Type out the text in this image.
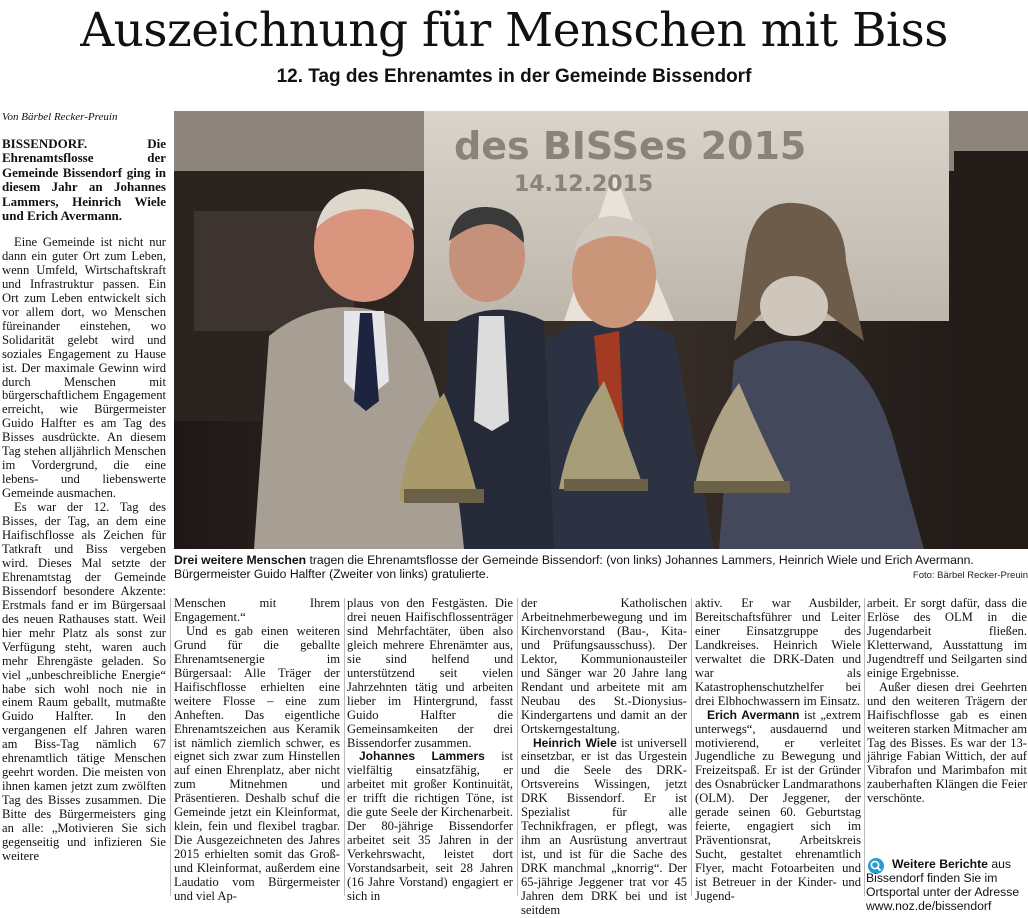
Auszeichnung für Menschen mit Biss
12. Tag des Ehrenamtes in der Gemeinde Bissendorf
Von Bärbel Recker-Preuin
BISSENDORF. Die Ehrenamtsflosse der Gemeinde Bissendorf ging in diesem Jahr an Johannes Lammers, Heinrich Wiele und Erich Avermann.
des BISSes 2015
14.12.2015
Drei weitere Menschen tragen die Ehrenamtsflosse der Gemeinde Bissendorf: (von links) Johannes Lammers, Heinrich Wiele und Erich Avermann. Bürgermeister Guido Halfter (Zweiter von links) gratulierte.	Foto: Bärbel Recker-Preuin

Eine Gemeinde ist nicht nur dann ein guter Ort zum Leben, wenn Umfeld, Wirtschaftskraft und Infrastruktur passen. Ein Ort zum Leben entwickelt sich vor allem dort, wo Menschen füreinander einstehen, wo Solidarität gelebt wird und soziales Engagement zu Hause ist. Der maximale Gewinn wird durch Menschen mit bürgerschaftlichem Engagement erreicht, wie Bürgermeister Guido Halfter es am Tag des Bisses ausdrückte. An diesem Tag stehen alljährlich Menschen im Vordergrund, die eine lebens- und liebenswerte Gemeinde ausmachen.

Es war der 12. Tag des Bisses, der Tag, an dem eine Haifischflosse als Zeichen für Tatkraft und Biss vergeben wird. Dieses Mal setzte der Ehrenamtstag der Gemeinde Bissendorf besondere Akzente: Erstmals fand er im Bürgersaal des neuen Rathauses statt. Weil hier mehr Platz als sonst zur Verfügung steht, waren auch mehr Ehrengäste geladen. So viel „unbeschreibliche Energie“ habe sich wohl noch nie in einem Raum geballt, mutmaßte Guido Halfter. In den vergangenen elf Jahren waren am Biss-Tag nämlich 67 ehrenamtlich tätige Menschen geehrt worden. Die meisten von ihnen kamen jetzt zum zwölften Tag des Bisses zusammen. Die Bitte des Bürgermeisters ging an alle: „Motivieren Sie sich gegenseitig und infizieren Sie weitere

Menschen mit Ihrem Engagement.“

Und es gab einen weiteren Grund für die geballte Ehrenamtsenergie im Bürgersaal: Alle Träger der Haifischflosse erhielten eine weitere Flosse – eine zum Anheften. Das eigentliche Ehrenamtszeichen aus Keramik ist nämlich ziemlich schwer, es eignet sich zwar zum Hinstellen auf einen Ehrenplatz, aber nicht zum Mitnehmen und Präsentieren. Deshalb schuf die Gemeinde jetzt ein Kleinformat, klein, fein und flexibel tragbar. Die Ausgezeichneten des Jahres 2015 erhielten somit das Groß- und Kleinformat, außerdem eine Laudatio vom Bürgermeister und viel Ap-

plaus von den Festgästen. Die drei neuen Haifischflossenträger sind Mehrfachtäter, üben also gleich mehrere Ehrenämter aus, sie sind helfend und unterstützend seit vielen Jahrzehnten tätig und arbeiten lieber im Hintergrund, fasst Guido Halfter die Gemeinsamkeiten der drei Bissendorfer zusammen.

Johannes Lammers ist vielfältig einsatzfähig, er arbeitet mit großer Kontinuität, er trifft die richtigen Töne, ist die gute Seele der Kirchenarbeit. Der 80-jährige Bissendorfer arbeitet seit 35 Jahren in der Verkehrswacht, leistet dort Vorstandsarbeit, seit 28 Jahren (16 Jahre Vorstand) engagiert er sich in

der Katholischen Arbeitnehmerbewegung und im Kirchenvorstand (Bau-, Kita- und Prüfungsausschuss). Der Lektor, Kommunionausteiler und Sänger war 20 Jahre lang Rendant und arbeitete mit am Neubau des St.-Dionysius-Kindergartens und damit an der Ortskerngestaltung.

Heinrich Wiele ist universell einsetzbar, er ist das Urgestein und die Seele des DRK-Ortsvereins Wissingen, jetzt DRK Bissendorf. Er ist Spezialist für alle Technikfragen, er pflegt, was ihm an Ausrüstung anvertraut ist, und ist für die Sache des DRK manchmal „knorrig“. Der 65-jährige Jeggener trat vor 45 Jahren dem DRK bei und ist seitdem

aktiv. Er war Ausbilder, Bereitschaftsführer und Leiter einer Einsatzgruppe des Landkreises. Heinrich Wiele verwaltet die DRK-Daten und war als Katastrophenschutzhelfer bei drei Elbhochwassern im Einsatz.

Erich Avermann ist „extrem unterwegs“, ausdauernd und motivierend, er verleitet Jugendliche zu Bewegung und Freizeitspaß. Er ist der Gründer des Osnabrücker Landmarathons (OLM). Der Jeggener, der gerade seinen 60. Geburtstag feierte, engagiert sich im Präventionsrat, Arbeitskreis Sucht, gestaltet ehrenamtlich Flyer, macht Fotoarbeiten und ist Betreuer in der Kinder- und Jugend-

arbeit. Er sorgt dafür, dass die Erlöse des OLM in die Jugendarbeit fließen. Kletterwand, Ausstattung im Jugendtreff und Seilgarten sind einige Ergebnisse.

Außer diesen drei Geehrten und den weiteren Trägern der Haifischflosse gab es einen weiteren starken Mitmacher am Tag des Bisses. Es war der 13-jährige Fabian Wittich, der auf Vibrafon und Marimbafon mit zauberhaften Klängen die Feier verschönte.

Weitere Berichte aus Bissendorf finden Sie im Ortsportal unter der Adresse www.noz.de/bissendorf
